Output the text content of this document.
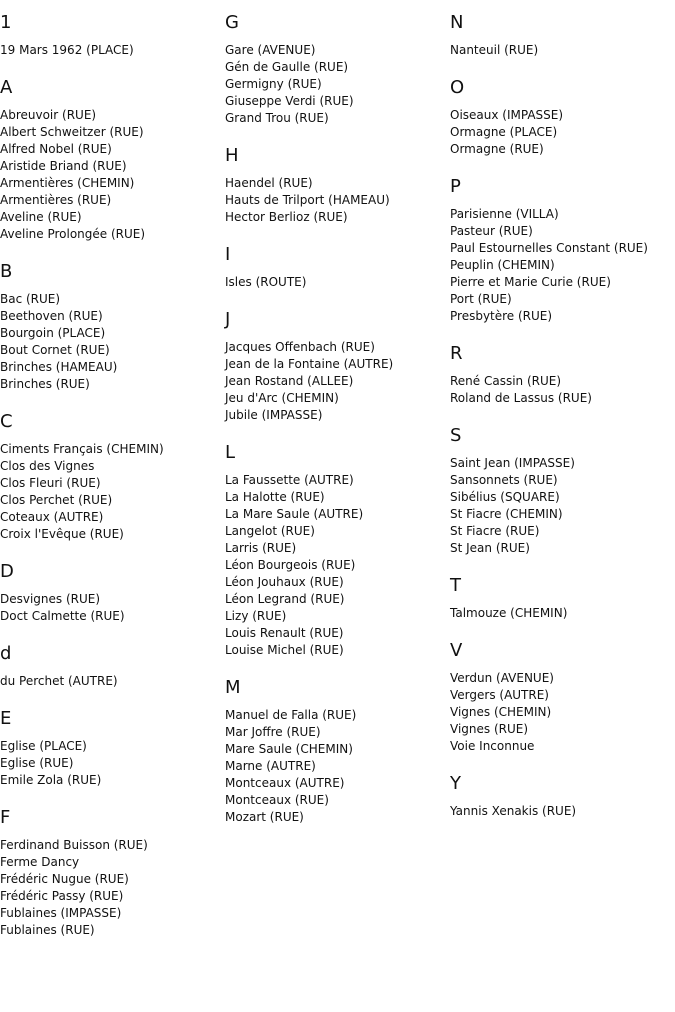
1
19 Mars 1962 (PLACE)
A
Abreuvoir (RUE)
Albert Schweitzer (RUE)
Alfred Nobel (RUE)
Aristide Briand (RUE)
Armentières (CHEMIN)
Armentières (RUE)
Aveline (RUE)
Aveline Prolongée (RUE)
B
Bac (RUE)
Beethoven (RUE)
Bourgoin (PLACE)
Bout Cornet (RUE)
Brinches (HAMEAU)
Brinches (RUE)
C
Ciments Français (CHEMIN)
Clos des Vignes
Clos Fleuri (RUE)
Clos Perchet (RUE)
Coteaux (AUTRE)
Croix l'Evêque (RUE)
D
Desvignes (RUE)
Doct Calmette (RUE)
d
du Perchet (AUTRE)
E
Eglise (PLACE)
Eglise (RUE)
Emile Zola (RUE)
F
Ferdinand Buisson (RUE)
Ferme Dancy
Frédéric Nugue (RUE)
Frédéric Passy (RUE)
Fublaines (IMPASSE)
Fublaines (RUE)
G
Gare (AVENUE)
Gén de Gaulle (RUE)
Germigny (RUE)
Giuseppe Verdi (RUE)
Grand Trou (RUE)
H
Haendel (RUE)
Hauts de Trilport (HAMEAU)
Hector Berlioz (RUE)
I
Isles (ROUTE)
J
Jacques Offenbach (RUE)
Jean de la Fontaine (AUTRE)
Jean Rostand (ALLEE)
Jeu d'Arc (CHEMIN)
Jubile (IMPASSE)
L
La Faussette (AUTRE)
La Halotte (RUE)
La Mare Saule (AUTRE)
Langelot (RUE)
Larris (RUE)
Léon Bourgeois (RUE)
Léon Jouhaux (RUE)
Léon Legrand (RUE)
Lizy (RUE)
Louis Renault (RUE)
Louise Michel (RUE)
M
Manuel de Falla (RUE)
Mar Joffre (RUE)
Mare Saule (CHEMIN)
Marne (AUTRE)
Montceaux (AUTRE)
Montceaux (RUE)
Mozart (RUE)
N
Nanteuil (RUE)
O
Oiseaux (IMPASSE)
Ormagne (PLACE)
Ormagne (RUE)
P
Parisienne (VILLA)
Pasteur (RUE)
Paul Estournelles Constant (RUE)
Peuplin (CHEMIN)
Pierre et Marie Curie (RUE)
Port (RUE)
Presbytère (RUE)
R
René Cassin (RUE)
Roland de Lassus (RUE)
S
Saint Jean (IMPASSE)
Sansonnets (RUE)
Sibélius (SQUARE)
St Fiacre (CHEMIN)
St Fiacre (RUE)
St Jean (RUE)
T
Talmouze (CHEMIN)
V
Verdun (AVENUE)
Vergers (AUTRE)
Vignes (CHEMIN)
Vignes (RUE)
Voie Inconnue
Y
Yannis Xenakis (RUE)
